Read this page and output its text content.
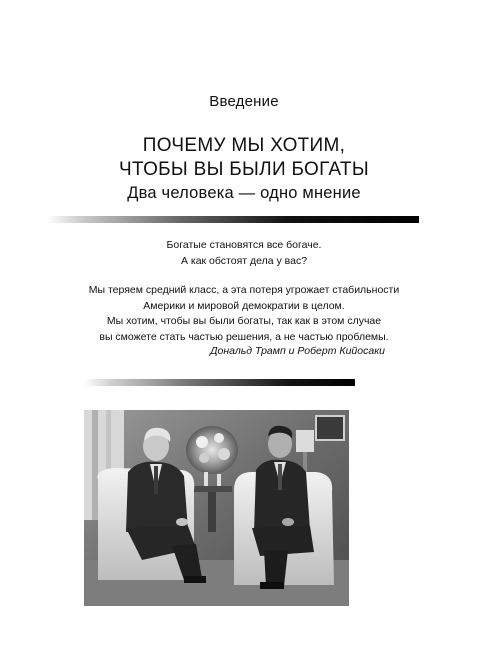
Введение
ПОЧЕМУ МЫ ХОТИМ,
ЧТОБЫ ВЫ БЫЛИ БОГАТЫ
Два человека — одно мнение

Богатые становятся все богаче.

А как обстоят дела у вас?

Мы теряем средний класс, а эта потеря угрожает стабильности

Америки и мировой демократии в целом.

Мы хотим, чтобы вы были богаты, так как в этом случае

вы сможете стать частью решения, а не частью проблемы.

Дональд Трамп и Роберт Кийосаки
